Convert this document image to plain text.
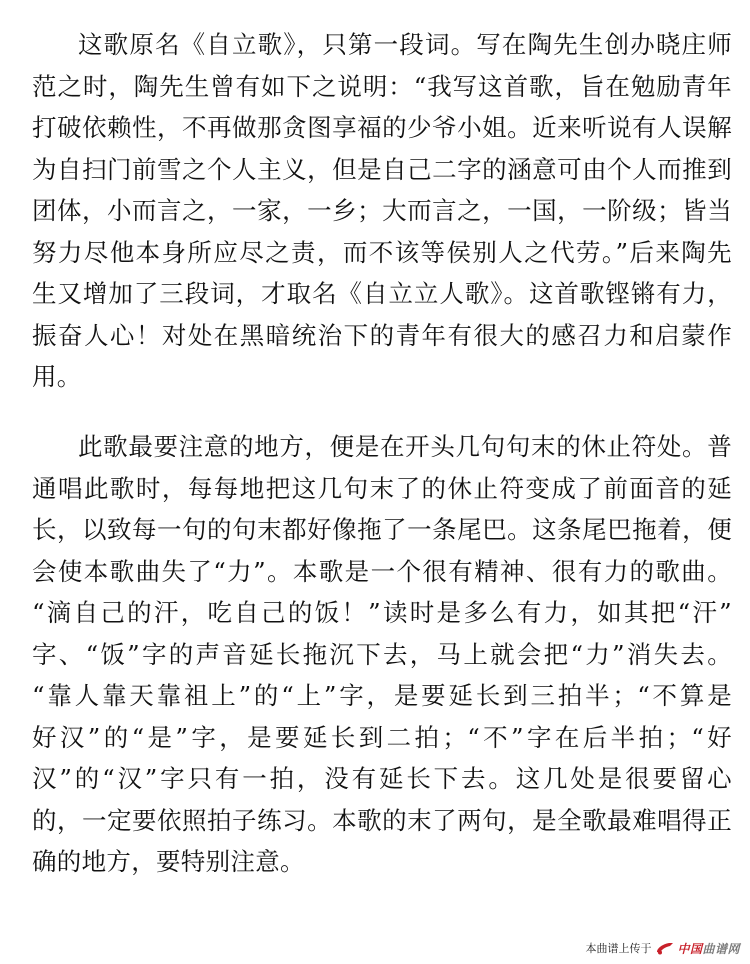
这歌原名《自立歌》，只第一段词。写在陶先生创办晓庄师
范之时，陶先生曾有如下之说明：“我写这首歌，旨在勉励青年
打破依赖性，不再做那贪图享福的少爷小姐。近来听说有人误解
为自扫门前雪之个人主义，但是自己二字的涵意可由个人而推到
团体，小而言之，一家，一乡；大而言之，一国，一阶级；皆当
努力尽他本身所应尽之责，而不该等侯别人之代劳。”后来陶先
生又增加了三段词，才取名《自立立人歌》。这首歌铿锵有力，
振奋人心！对处在黑暗统治下的青年有很大的感召力和启蒙作
用。
此歌最要注意的地方，便是在开头几句句末的休止符处。普
通唱此歌时，每每地把这几句末了的休止符变成了前面音的延
长，以致每一句的句末都好像拖了一条尾巴。这条尾巴拖着，便
会使本歌曲失了“力”。本歌是一个很有精神、很有力的歌曲。
“滴自己的汗，吃自己的饭！”读时是多么有力，如其把“汗”
字、“饭”字的声音延长拖沉下去，马上就会把“力”消失去。
“靠人靠天靠祖上”的“上”字，是要延长到三拍半；“不算是
好汉”的“是”字，是要延长到二拍；“不”字在后半拍；“好
汉”的“汉”字只有一拍，没有延长下去。这几处是很要留心
的，一定要依照拍子练习。本歌的末了两句，是全歌最难唱得正
确的地方，要特别注意。
本曲谱上传于 中国曲谱网
